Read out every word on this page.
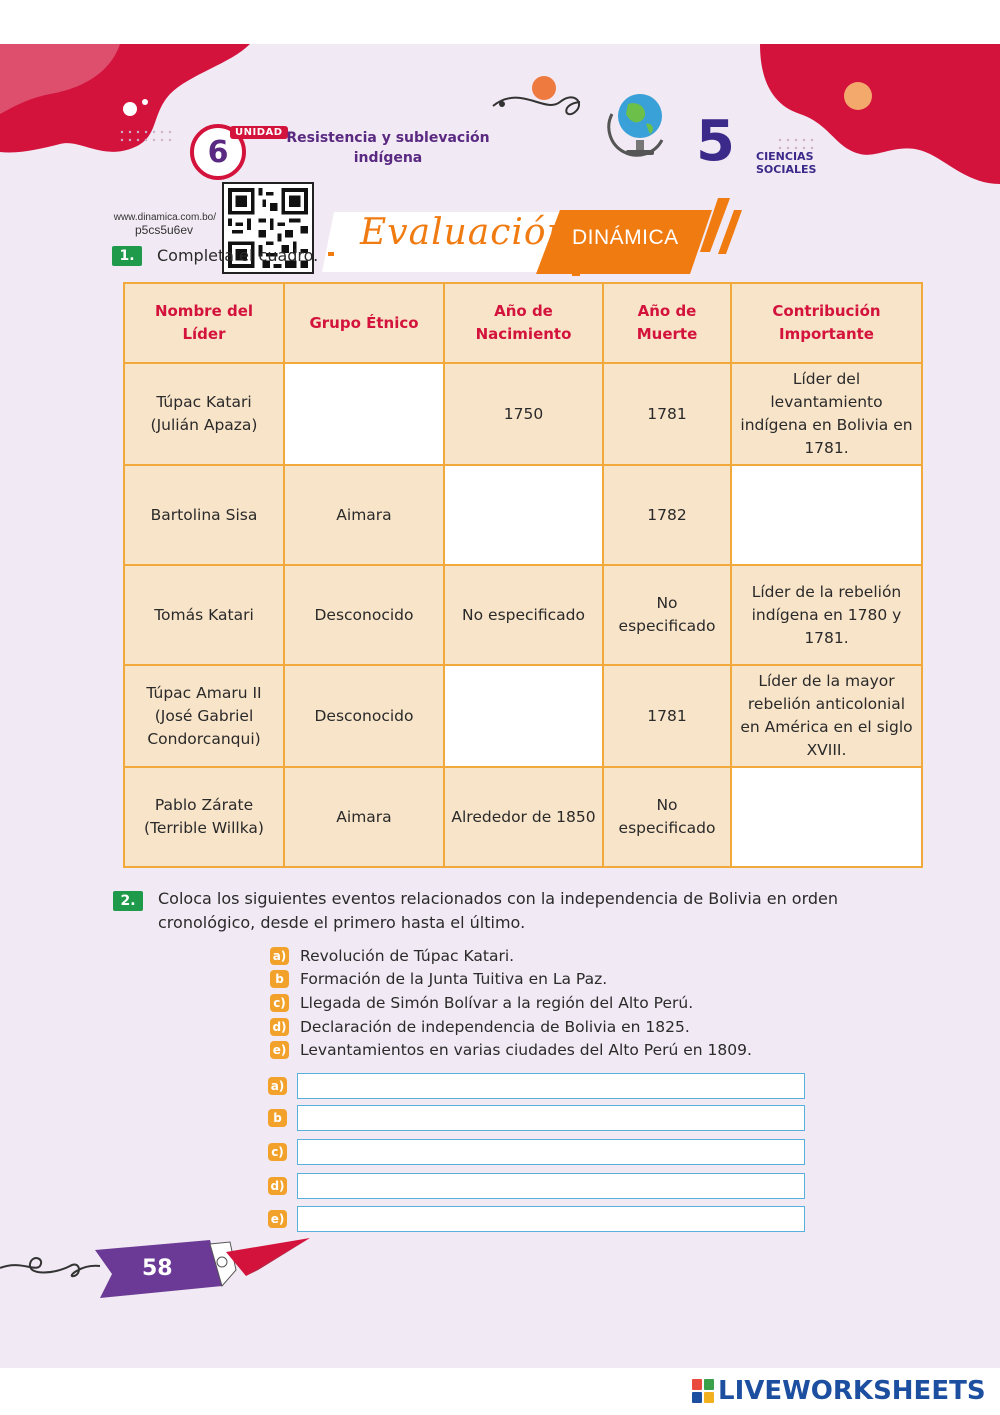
6
UNIDAD Resistencia y sublevación indígena	5 CIENCIAS SOCIALES
www.dinamica.com.bo/
p5cs5u6ev	Evaluación DINÁMICA
1.	Completa el cuadro.
Nombre del Líder	Grupo Étnico	Año de Nacimiento	Año de Muerte	Contribución Importante
Túpac Katari (Julián Apaza)		1750	1781	Líder del levantamiento indígena en Bolivia en 1781.
Bartolina Sisa	Aimara		1782	
Tomás Katari	Desconocido	No especificado	No especificado	Líder de la rebelión indígena en 1780 y 1781.
Túpac Amaru II (José Gabriel Condorcanqui)	Desconocido		1781	Líder de la mayor rebelión anticolonial en América en el siglo XVIII.
Pablo Zárate (Terrible Willka)	Aimara	Alrededor de 1850	No especificado	
2.	Coloca los siguientes eventos relacionados con la independencia de Bolivia en orden cronológico, desde el primero hasta el último.
a) Revolución de Túpac Katari.
b	Formación de la Junta Tuitiva en La Paz.
c) Llegada de Simón Bolívar a la región del Alto Perú.
d) Declaración de independencia de Bolivia en 1825.
e) Levantamientos en varias ciudades del Alto Perú en 1809.
a)
b
c)
d)
e)
58
LIVEWORKSHEETS
